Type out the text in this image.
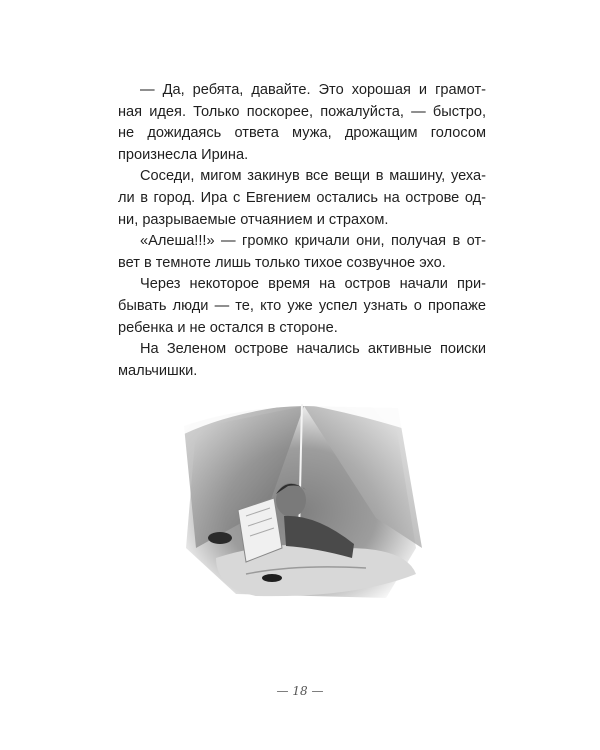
— Да, ребята, давайте. Это хорошая и грамот-
ная идея. Только поскорее, пожалуйста, — быстро,
не дожидаясь ответа мужа, дрожащим голосом
произнесла Ирина.

Соседи, мигом закинув все вещи в машину, уеха-
ли в город. Ира с Евгением остались на острове од-
ни, разрываемые отчаянием и страхом.

«Алеша!!!» — громко кричали они, получая в от-
вет в темноте лишь только тихое созвучное эхо.

Через некоторое время на остров начали при-
бывать люди — те, кто уже успел узнать о пропаже
ребенка и не остался в стороне.

На Зеленом острове начались активные поиски
мальчишки.

— 18 —
